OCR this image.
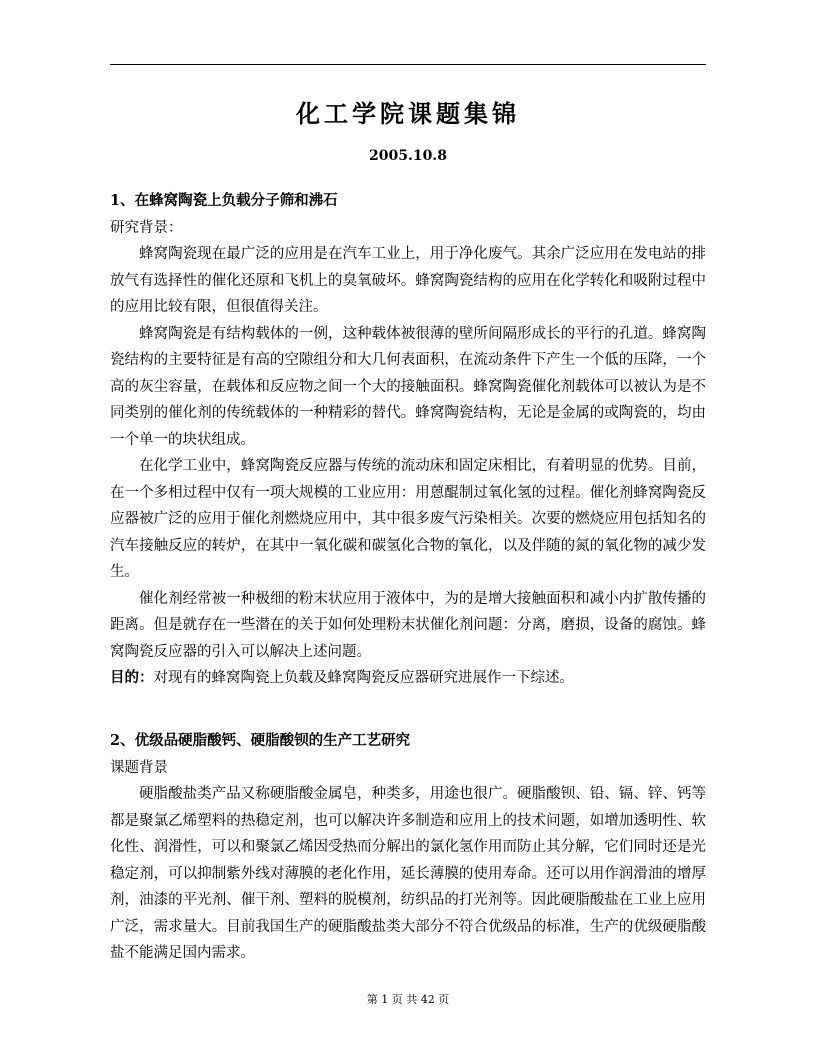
化工学院课题集锦
2005.10.8

1、在蜂窝陶瓷上负载分子筛和沸石

研究背景：

蜂窝陶瓷现在最广泛的应用是在汽车工业上，用于净化废气。其余广泛应用在发电站的排放气有选择性的催化还原和飞机上的臭氧破坏。蜂窝陶瓷结构的应用在化学转化和吸附过程中的应用比较有限，但很值得关注。

蜂窝陶瓷是有结构载体的一例，这种载体被很薄的壁所间隔形成长的平行的孔道。蜂窝陶瓷结构的主要特征是有高的空隙组分和大几何表面积，在流动条件下产生一个低的压降，一个高的灰尘容量，在载体和反应物之间一个大的接触面积。蜂窝陶瓷催化剂载体可以被认为是不同类别的催化剂的传统载体的一种精彩的替代。蜂窝陶瓷结构，无论是金属的或陶瓷的，均由一个单一的块状组成。

在化学工业中，蜂窝陶瓷反应器与传统的流动床和固定床相比，有着明显的优势。目前，在一个多相过程中仅有一项大规模的工业应用：用蒽醌制过氧化氢的过程。催化剂蜂窝陶瓷反应器被广泛的应用于催化剂燃烧应用中，其中很多废气污染相关。次要的燃烧应用包括知名的汽车接触反应的转炉，在其中一氧化碳和碳氢化合物的氧化，以及伴随的氮的氧化物的减少发生。

催化剂经常被一种极细的粉末状应用于液体中，为的是增大接触面积和减小内扩散传播的距离。但是就存在一些潜在的关于如何处理粉末状催化剂问题：分离，磨损，设备的腐蚀。蜂窝陶瓷反应器的引入可以解决上述问题。

目的：对现有的蜂窝陶瓷上负载及蜂窝陶瓷反应器研究进展作一下综述。

2、优级品硬脂酸钙、硬脂酸钡的生产工艺研究

课题背景

硬脂酸盐类产品又称硬脂酸金属皂，种类多，用途也很广。硬脂酸钡、铅、镉、锌、钙等都是聚氯乙烯塑料的热稳定剂，也可以解决许多制造和应用上的技术问题，如增加透明性、软化性、润滑性，可以和聚氯乙烯因受热而分解出的氯化氢作用而防止其分解，它们同时还是光稳定剂，可以抑制紫外线对薄膜的老化作用，延长薄膜的使用寿命。还可以用作润滑油的增厚剂，油漆的平光剂、催干剂、塑料的脱模剂，纺织品的打光剂等。因此硬脂酸盐在工业上应用广泛，需求量大。目前我国生产的硬脂酸盐类大部分不符合优级品的标准，生产的优级硬脂酸盐不能满足国内需求。

第 1 页 共 42 页
